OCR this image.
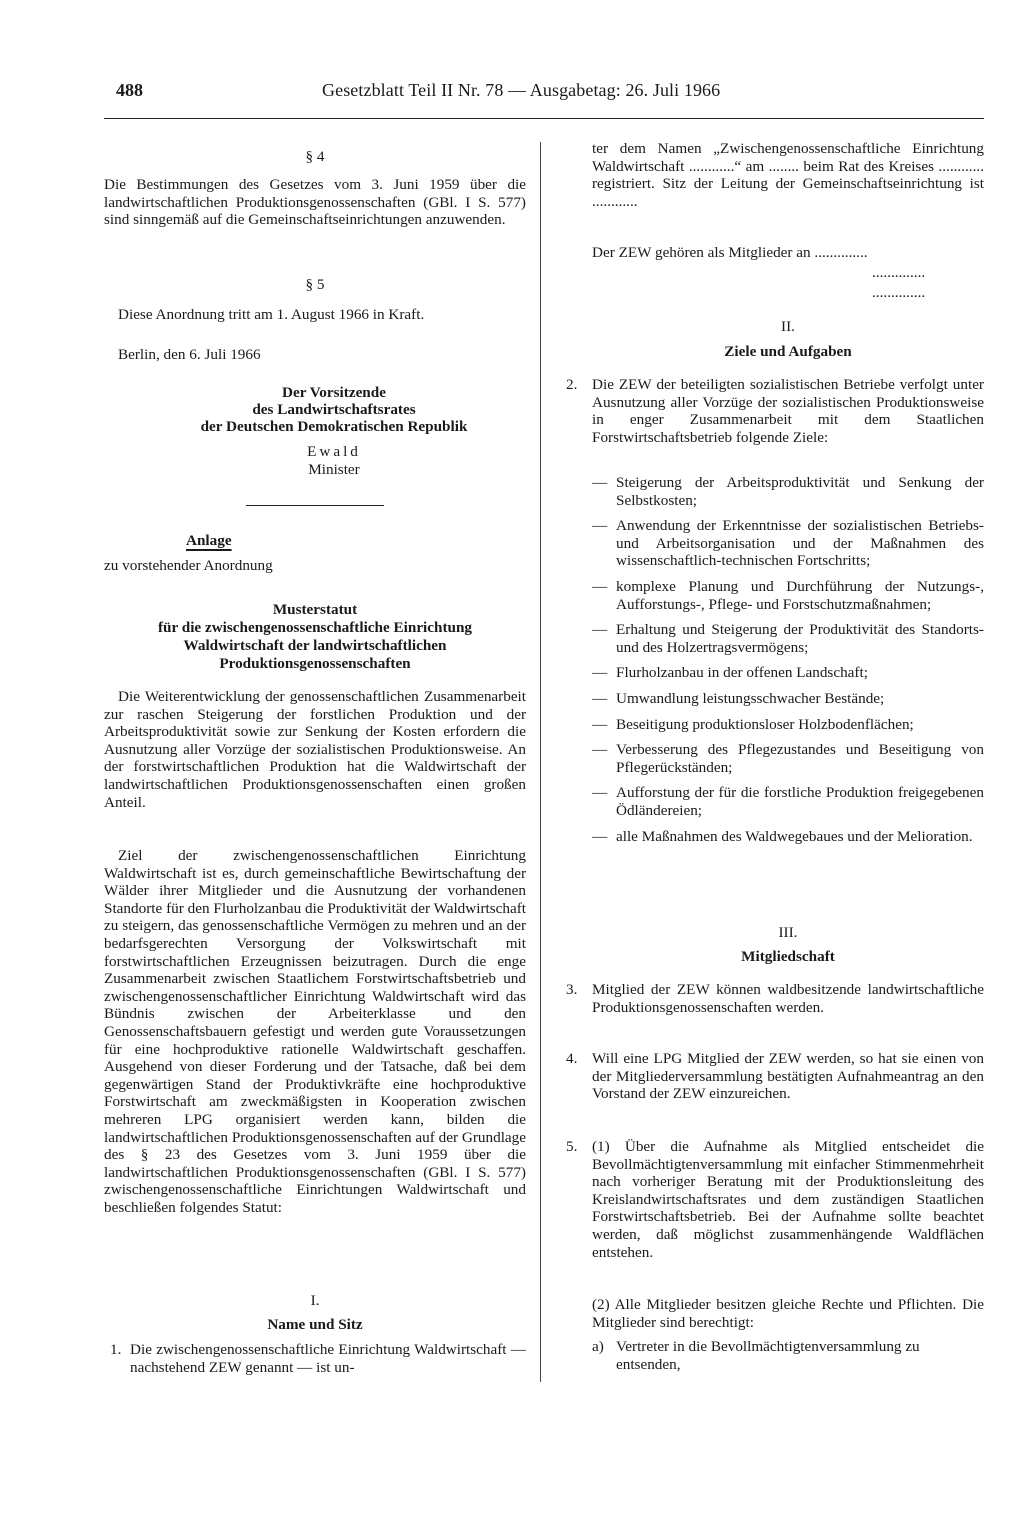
488	Gesetzblatt Teil II Nr. 78 — Ausgabetag: 26. Juli 1966
§ 4
Die Bestimmungen des Gesetzes vom 3. Juni 1959 über die landwirtschaftlichen Produktionsgenossenschaften (GBl. I S. 577) sind sinngemäß auf die Gemeinschaftseinrichtungen anzuwenden.
§ 5
Diese Anordnung tritt am 1. August 1966 in Kraft.
Berlin, den 6. Juli 1966
Der Vorsitzende
des Landwirtschaftsrates
der Deutschen Demokratischen Republik
Ewald
Minister
Anlage
zu vorstehender Anordnung
Musterstatut
für die zwischengenossenschaftliche Einrichtung
Waldwirtschaft der landwirtschaftlichen
Produktionsgenossenschaften
Die Weiterentwicklung der genossenschaftlichen Zusammenarbeit zur raschen Steigerung der forstlichen Produktion und der Arbeitsproduktivität sowie zur Senkung der Kosten erfordern die Ausnutzung aller Vorzüge der sozialistischen Produktionsweise. An der forstwirtschaftlichen Produktion hat die Waldwirtschaft der landwirtschaftlichen Produktionsgenossenschaften einen großen Anteil.
Ziel der zwischengenossenschaftlichen Einrichtung Waldwirtschaft ist es, durch gemeinschaftliche Bewirtschaftung der Wälder ihrer Mitglieder und die Ausnutzung der vorhandenen Standorte für den Flurholzanbau die Produktivität der Waldwirtschaft zu steigern, das genossenschaftliche Vermögen zu mehren und an der bedarfsgerechten Versorgung der Volkswirtschaft mit forstwirtschaftlichen Erzeugnissen beizutragen. Durch die enge Zusammenarbeit zwischen Staatlichem Forstwirtschaftsbetrieb und zwischengenossenschaftlicher Einrichtung Waldwirtschaft wird das Bündnis zwischen der Arbeiterklasse und den Genossenschaftsbauern gefestigt und werden gute Voraussetzungen für eine hochproduktive rationelle Waldwirtschaft geschaffen. Ausgehend von dieser Forderung und der Tatsache, daß bei dem gegenwärtigen Stand der Produktivkräfte eine hochproduktive Forstwirtschaft am zweckmäßigsten in Kooperation zwischen mehreren LPG organisiert werden kann, bilden die landwirtschaftlichen Produktionsgenossenschaften auf der Grundlage des § 23 des Gesetzes vom 3. Juni 1959 über die landwirtschaftlichen Produktionsgenossenschaften (GBl. I S. 577) zwischengenossenschaftliche Einrichtungen Waldwirtschaft und beschließen folgendes Statut:
I.
Name und Sitz
1. Die zwischengenossenschaftliche Einrichtung Waldwirtschaft — nachstehend ZEW genannt — ist un-
ter dem Namen „Zwischengenossenschaftliche Einrichtung Waldwirtschaft ............“ am ........ beim Rat des Kreises ............ registriert. Sitz der Leitung der Gemeinschaftseinrichtung ist ............
Der ZEW gehören als Mitglieder an ..............
..............
..............
II.
Ziele und Aufgaben
2. Die ZEW der beteiligten sozialistischen Betriebe verfolgt unter Ausnutzung aller Vorzüge der sozialistischen Produktionsweise in enger Zusammenarbeit mit dem Staatlichen Forstwirtschaftsbetrieb folgende Ziele:

— Steigerung der Arbeitsproduktivität und Senkung der Selbstkosten;

— Anwendung der Erkenntnisse der sozialistischen Betriebs- und Arbeitsorganisation und der Maßnahmen des wissenschaftlich-technischen Fortschritts;

— komplexe Planung und Durchführung der Nutzungs-, Aufforstungs-, Pflege- und Forstschutzmaßnahmen;

— Erhaltung und Steigerung der Produktivität des Standorts- und des Holzertragsvermögens;

— Flurholzanbau in der offenen Landschaft;

— Umwandlung leistungsschwacher Bestände;

— Beseitigung produktionsloser Holzbodenflächen;

— Verbesserung des Pflegezustandes und Beseitigung von Pflegerückständen;

— Aufforstung der für die forstliche Produktion freigegebenen Ödländereien;

— alle Maßnahmen des Waldwegebaues und der Melioration.

III.
Mitgliedschaft
3. Mitglied der ZEW können waldbesitzende landwirtschaftliche Produktionsgenossenschaften werden.
4. Will eine LPG Mitglied der ZEW werden, so hat sie einen von der Mitgliederversammlung bestätigten Aufnahmeantrag an den Vorstand der ZEW einzureichen.
5. (1) Über die Aufnahme als Mitglied entscheidet die Bevollmächtigtenversammlung mit einfacher Stimmenmehrheit nach vorheriger Beratung mit der Produktionsleitung des Kreislandwirtschaftsrates und dem zuständigen Staatlichen Forstwirtschaftsbetrieb. Bei der Aufnahme sollte beachtet werden, daß möglichst zusammenhängende Waldflächen entstehen.
(2) Alle Mitglieder besitzen gleiche Rechte und Pflichten. Die Mitglieder sind berechtigt:
a) Vertreter in die Bevollmächtigtenversammlung zu entsenden,
